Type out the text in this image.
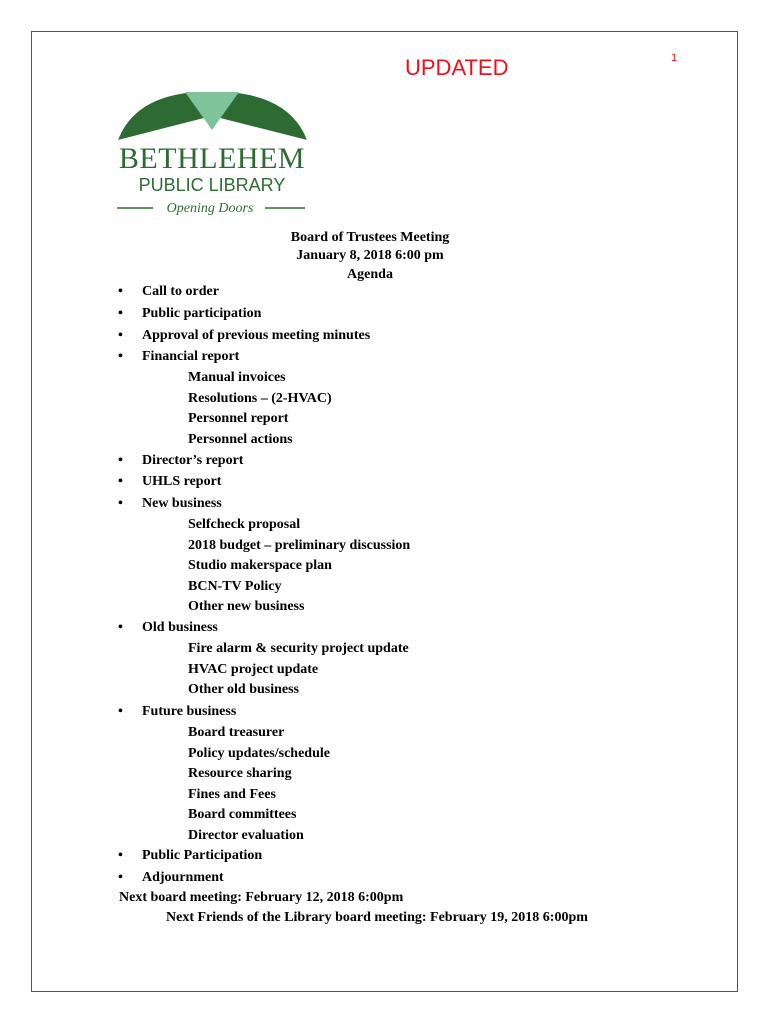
UPDATED	1
BETHLEHEM
PUBLIC LIBRARY
Opening Doors
Board of Trustees Meeting
January 8, 2018 6:00 pm
Agenda
•	Call to order
•	Public participation
•	Approval of previous meeting minutes
•	Financial report
Manual invoices
Resolutions – (2-HVAC)
Personnel report
Personnel actions
•	Director’s report
•	UHLS report
•	New business
Selfcheck proposal
2018 budget – preliminary discussion
Studio makerspace plan
BCN-TV Policy
Other new business
•	Old business
Fire alarm & security project update
HVAC project update
Other old business
•	Future business
Board treasurer
Policy updates/schedule
Resource sharing
Fines and Fees
Board committees
Director evaluation
•	Public Participation
•	Adjournment
Next board meeting: February 12, 2018 6:00pm
Next Friends of the Library board meeting: February 19, 2018 6:00pm
